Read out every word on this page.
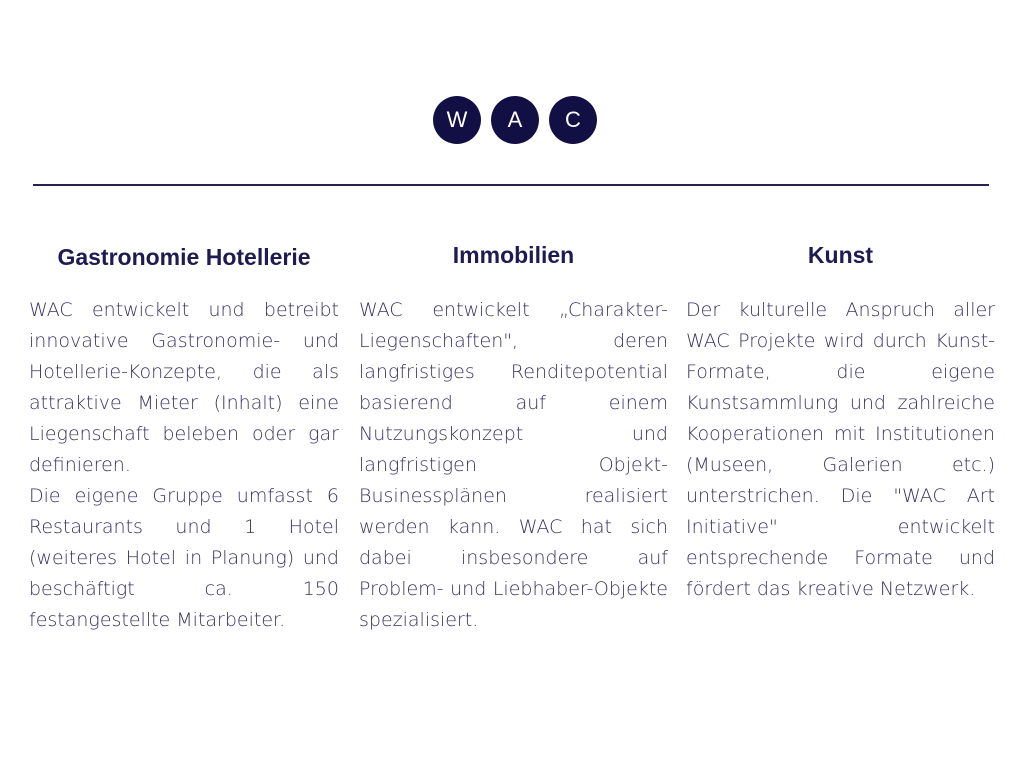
W	A	C
Gastronomie Hotellerie

WAC entwickelt und betreibt innovative Gastronomie- und Hotellerie-Konzepte, die als attraktive Mieter (Inhalt) eine Liegenschaft beleben oder gar definieren.

Die eigene Gruppe umfasst 6 Restaurants und 1 Hotel (weiteres Hotel in Planung) und beschäftigt ca. 150 festangestellte Mitarbeiter.

Immobilien

WAC entwickelt „Charakter-Liegenschaften", deren langfristiges Renditepotential basierend auf einem Nutzungskonzept und langfristigen Objekt-Businessplänen realisiert werden kann. WAC hat sich dabei insbesondere auf Problem- und Liebhaber-Objekte spezialisiert.

Kunst

Der kulturelle Anspruch aller WAC Projekte wird durch Kunst-Formate, die eigene Kunstsammlung und zahlreiche Kooperationen mit Institutionen (Museen, Galerien etc.) unterstrichen. Die "WAC Art Initiative" entwickelt entsprechende Formate und fördert das kreative Netzwerk.
